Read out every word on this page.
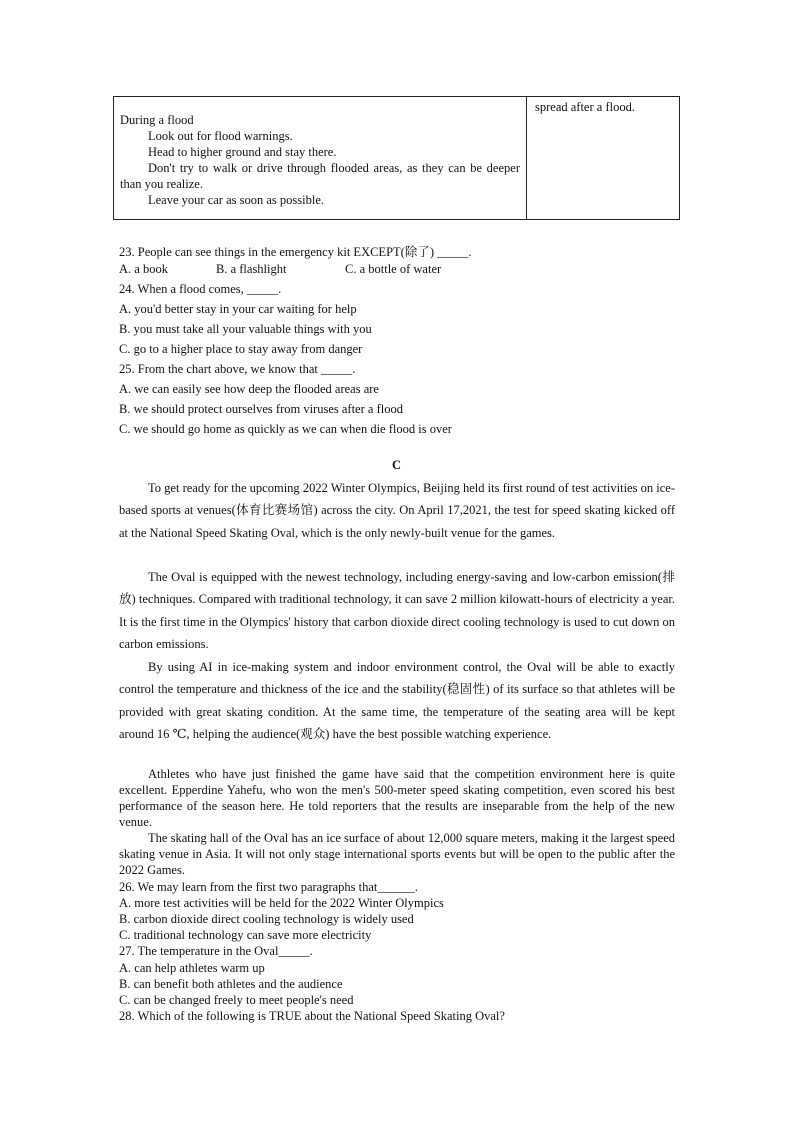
During a flood
Look out for flood warnings.
Head to higher ground and stay there.
Don't try to walk or drive through flooded areas, as they can be deeper than you realize.
Leave your car as soon as possible.
spread after a flood.
23. People can see things in the emergency kit EXCEPT(除了) _____.
A. a book	B. a flashlight	C. a bottle of water
24. When a flood comes, _____.
A. you'd better stay in your car waiting for help
B. you must take all your valuable things with you
C. go to a higher place to stay away from danger
25. From the chart above, we know that _____.
A. we can easily see how deep the flooded areas are
B. we should protect ourselves from viruses after a flood
C. we should go home as quickly as we can when die flood is over
C
To get ready for the upcoming 2022 Winter Olympics, Beijing held its first round of test activities on ice-based sports at venues(体育比赛场馆) across the city. On April 17,2021, the test for speed skating kicked off at the National Speed Skating Oval, which is the only newly-built venue for the games.
The Oval is equipped with the newest technology, including energy-saving and low-carbon emission(排放) techniques. Compared with traditional technology, it can save 2 million kilowatt-hours of electricity a year. It is the first time in the Olympics' history that carbon dioxide direct cooling technology is used to cut down on carbon emissions.
By using AI in ice-making system and indoor environment control, the Oval will be able to exactly control the temperature and thickness of the ice and the stability(稳固性) of its surface so that athletes will be provided with great skating condition. At the same time, the temperature of the seating area will be kept around 16 ℃, helping the audience(观众) have the best possible watching experience.
Athletes who have just finished the game have said that the competition environment here is quite excellent. Epperdine Yahefu, who won the men's 500-meter speed skating competition, even scored his best performance of the season here. He told reporters that the results are inseparable from the help of the new venue.
The skating hall of the Oval has an ice surface of about 12,000 square meters, making it the largest speed skating venue in Asia. It will not only stage international sports events but will be open to the public after the 2022 Games.
26. We may learn from the first two paragraphs that______.
A. more test activities will be held for the 2022 Winter Olympics
B. carbon dioxide direct cooling technology is widely used
C. traditional technology can save more electricity
27. The temperature in the Oval_____.
A. can help athletes warm up
B. can benefit both athletes and the audience
C. can be changed freely to meet people's need
28. Which of the following is TRUE about the National Speed Skating Oval?
